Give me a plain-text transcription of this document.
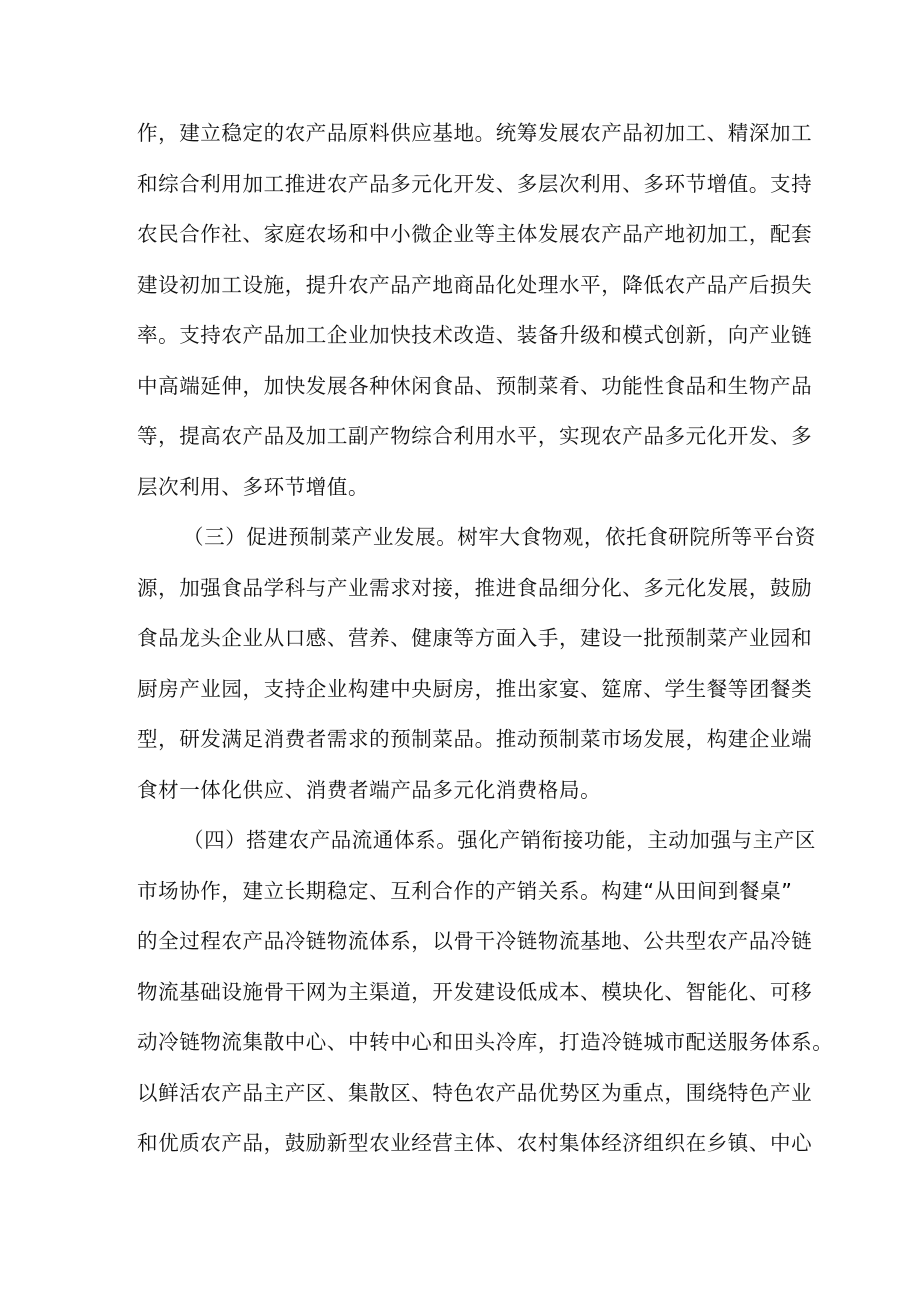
作，建立稳定的农产品原料供应基地。统筹发展农产品初加工、精深加工
和综合利用加工推进农产品多元化开发、多层次利用、多环节增值。支持
农民合作社、家庭农场和中小微企业等主体发展农产品产地初加工，配套
建设初加工设施，提升农产品产地商品化处理水平，降低农产品产后损失
率。支持农产品加工企业加快技术改造、装备升级和模式创新，向产业链
中高端延伸，加快发展各种休闲食品、预制菜肴、功能性食品和生物产品
等，提高农产品及加工副产物综合利用水平，实现农产品多元化开发、多
层次利用、多环节增值。
（三）促进预制菜产业发展。树牢大食物观，依托食研院所等平台资
源，加强食品学科与产业需求对接，推进食品细分化、多元化发展，鼓励
食品龙头企业从口感、营养、健康等方面入手，建设一批预制菜产业园和
厨房产业园，支持企业构建中央厨房，推出家宴、筵席、学生餐等团餐类
型，研发满足消费者需求的预制菜品。推动预制菜市场发展，构建企业端
食材一体化供应、消费者端产品多元化消费格局。
（四）搭建农产品流通体系。强化产销衔接功能，主动加强与主产区
市场协作，建立长期稳定、互利合作的产销关系。构建“从田间到餐桌”
的全过程农产品冷链物流体系，以骨干冷链物流基地、公共型农产品冷链
物流基础设施骨干网为主渠道，开发建设低成本、模块化、智能化、可移
动冷链物流集散中心、中转中心和田头冷库，打造冷链城市配送服务体系。
以鲜活农产品主产区、集散区、特色农产品优势区为重点，围绕特色产业
和优质农产品，鼓励新型农业经营主体、农村集体经济组织在乡镇、中心
